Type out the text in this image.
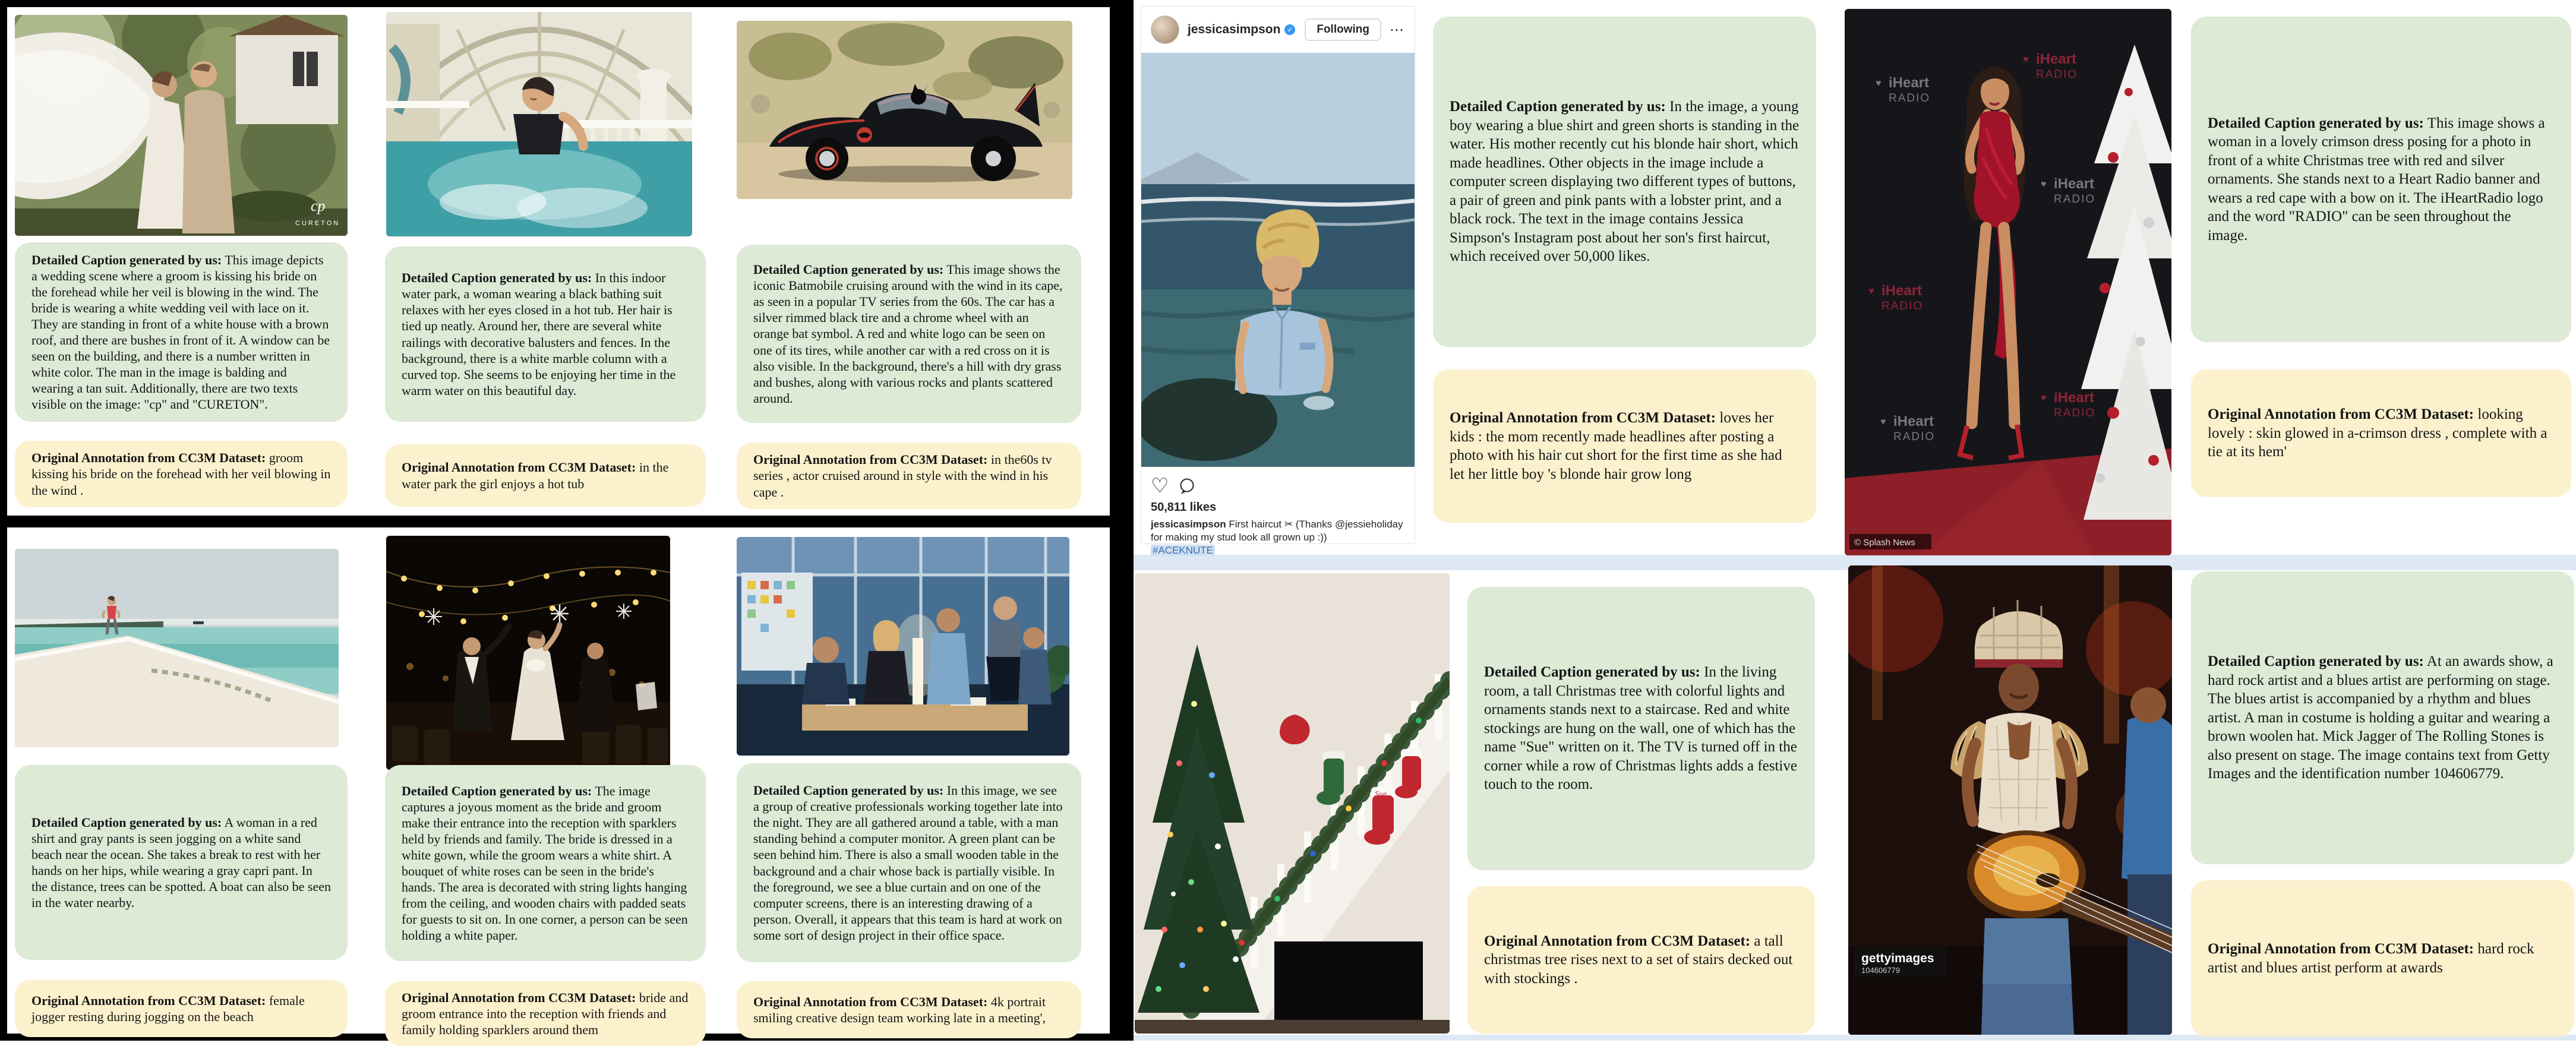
cp
CURETON

Detailed Caption generated by us: This image depicts a wedding scene where a groom is kissing his bride on the forehead while her veil is blowing in the wind. The bride is wearing a white wedding veil with lace on it. They are standing in front of a white house with a brown roof, and there are bushes in front of it. A window can be seen on the building, and there is a number written in white color. The man in the image is balding and wearing a tan suit. Additionally, there are two texts visible on the image: "cp" and "CURETON".

Original Annotation from CC3M Dataset: groom kissing his bride on the forehead with her veil blowing in the wind .

Detailed Caption generated by us: In this indoor water park, a woman wearing a black bathing suit relaxes with her eyes closed in a hot tub. Her hair is tied up neatly. Around her, there are several white railings with decorative balusters and fences. In the background, there is a white marble column with a curved top. She seems to be enjoying her time in the warm water on this beautiful day.

Original Annotation from CC3M Dataset: in the water park the girl enjoys a hot tub

Detailed Caption generated by us: This image shows the iconic Batmobile cruising around with the wind in its cape, as seen in a popular TV series from the 60s. The car has a silver rimmed black tire and a chrome wheel with an orange bat symbol. A red and white logo can be seen on one of its tires, while another car with a red cross on it is also visible. In the background, there's a hill with dry grass and bushes, along with various rocks and plants scattered around.

Original Annotation from CC3M Dataset: in the60s tv series , actor cruised around in style with the wind in his cape .

Detailed Caption generated by us: A woman in a red shirt and gray pants is seen jogging on a white sand beach near the ocean. She takes a break to rest with her hands on her hips, while wearing a gray capri pant. In the distance, trees can be spotted. A boat can also be seen in the water nearby.

Original Annotation from CC3M Dataset: female jogger resting during jogging on the beach

Detailed Caption generated by us: The image captures a joyous moment as the bride and groom make their entrance into the reception with sparklers held by friends and family. The bride is dressed in a white gown, while the groom wears a white shirt. A bouquet of white roses can be seen in the bride's hands. The area is decorated with string lights hanging from the ceiling, and wooden chairs with padded seats for guests to sit on. In one corner, a person can be seen holding a white paper.

Original Annotation from CC3M Dataset: bride and groom entrance into the reception with friends and family holding sparklers around them

Detailed Caption generated by us: In this image, we see a group of creative professionals working together late into the night. They are all gathered around a table, with a man standing behind a computer monitor. A green plant can be seen behind him. There is also a small wooden table in the background and a chair whose back is partially visible. In the foreground, we see a blue curtain and on one of the computer screens, there is an interesting drawing of a person. Overall, it appears that this team is hard at work on some sort of design project in their office space.

Original Annotation from CC3M Dataset: 4k portrait smiling creative design team working late in a meeting',

jessicasimpson ✓	Following	⋯
♡
50,811 likes
jessicasimpson First haircut ✂ (Thanks @jessieholiday for making my stud look all grown up :))
#ACEKNUTE

Detailed Caption generated by us: In the image, a young boy wearing a blue shirt and green shorts is standing in the water. His mother recently cut his blonde hair short, which made headlines. Other objects in the image include a computer screen displaying two different types of buttons, a pair of green and pink pants with a lobster print, and a black rock. The text in the image contains Jessica Simpson's Instagram post about her son's first haircut, which received over 50,000 likes.

Original Annotation from CC3M Dataset: loves her kids : the mom recently made headlines after posting a photo with his hair cut short for the first time as she had let her little boy 's blonde hair grow long

♥ iHeart
RADIO
♥ iHeart
RADIO
♥ iHeart
RADIO
♥ iHeart
RADIO
♥ iHeart
RADIO
♥ iHeart
RADIO
© Splash News

Detailed Caption generated by us: This image shows a woman in a lovely crimson dress posing for a photo in front of a white Christmas tree with red and silver ornaments. She stands next to a Heart Radio banner and wears a red cape with a bow on it. The iHeartRadio logo and the word "RADIO" can be seen throughout the image.

Original Annotation from CC3M Dataset: looking lovely : skin glowed in a-crimson dress , complete with a tie at its hem'

Sue

Detailed Caption generated by us: In the living room, a tall Christmas tree with colorful lights and ornaments stands next to a staircase. Red and white stockings are hung on the wall, one of which has the name "Sue" written on it. The TV is turned off in the corner while a row of Christmas lights adds a festive touch to the room.

Original Annotation from CC3M Dataset: a tall christmas tree rises next to a set of stairs decked out with stockings .

gettyimages
104606779

Detailed Caption generated by us: At an awards show, a hard rock artist and a blues artist are performing on stage. The blues artist is accompanied by a rhythm and blues artist. A man in costume is holding a guitar and wearing a brown woolen hat. Mick Jagger of The Rolling Stones is also present on stage. The image contains text from Getty Images and the identification number 104606779.

Original Annotation from CC3M Dataset: hard rock artist and blues artist perform at awards
